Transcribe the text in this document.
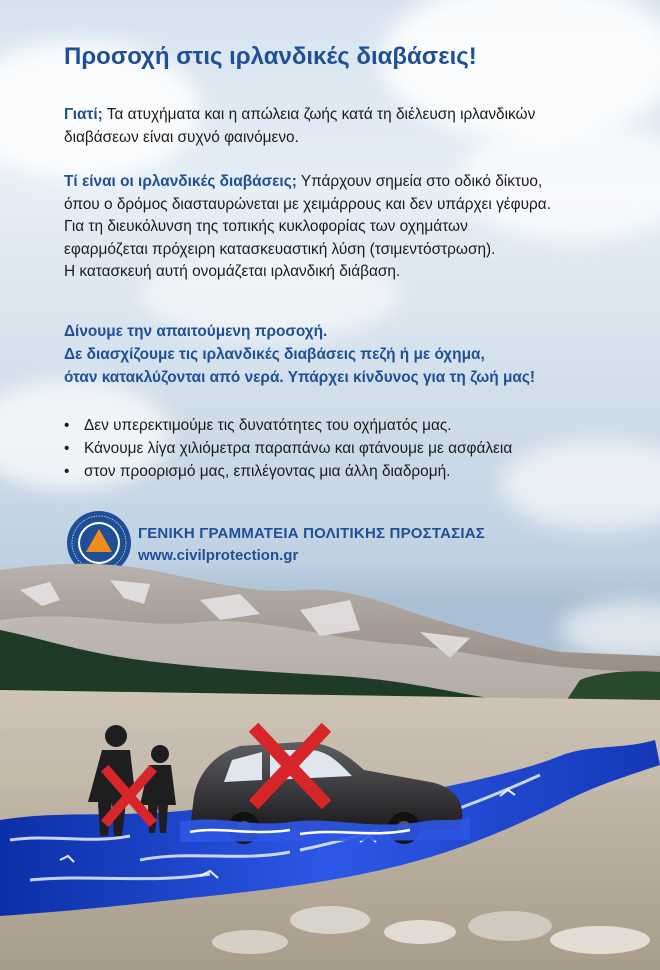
Προσοχή στις ιρλανδικές διαβάσεις!

Γιατί; Τα ατυχήματα και η απώλεια ζωής κατά τη διέλευση ιρλανδικών
διαβάσεων είναι συχνό φαινόμενο.

Τί είναι οι ιρλανδικές διαβάσεις; Υπάρχουν σημεία στο οδικό δίκτυο,
όπου ο δρόμος διασταυρώνεται με χειμάρρους και δεν υπάρχει γέφυρα.
Για τη διευκόλυνση της τοπικής κυκλοφορίας των οχημάτων
εφαρμόζεται πρόχειρη κατασκευαστική λύση (τσιμεντόστρωση).
Η κατασκευή αυτή ονομάζεται ιρλανδική διάβαση.

Δίνουμε την απαιτούμενη προσοχή.
Δε διασχίζουμε τις ιρλανδικές διαβάσεις πεζή ή με όχημα,
όταν κατακλύζονται από νερά. Υπάρχει κίνδυνος για τη ζωή μας!

• Δεν υπερεκτιμούμε τις δυνατότητες του οχήματός μας.
• Κάνουμε λίγα χιλιόμετρα παραπάνω και φτάνουμε με ασφάλεια
• στον προορισμό μας, επιλέγοντας μια άλλη διαδρομή.
ΓΕΝΙΚΗ ΓΡΑΜΜΑΤΕΙΑ ΠΟΛΙΤΙΚΗΣ ΠΡΟΣΤΑΣΙΑΣ
www.civilprotection.gr
